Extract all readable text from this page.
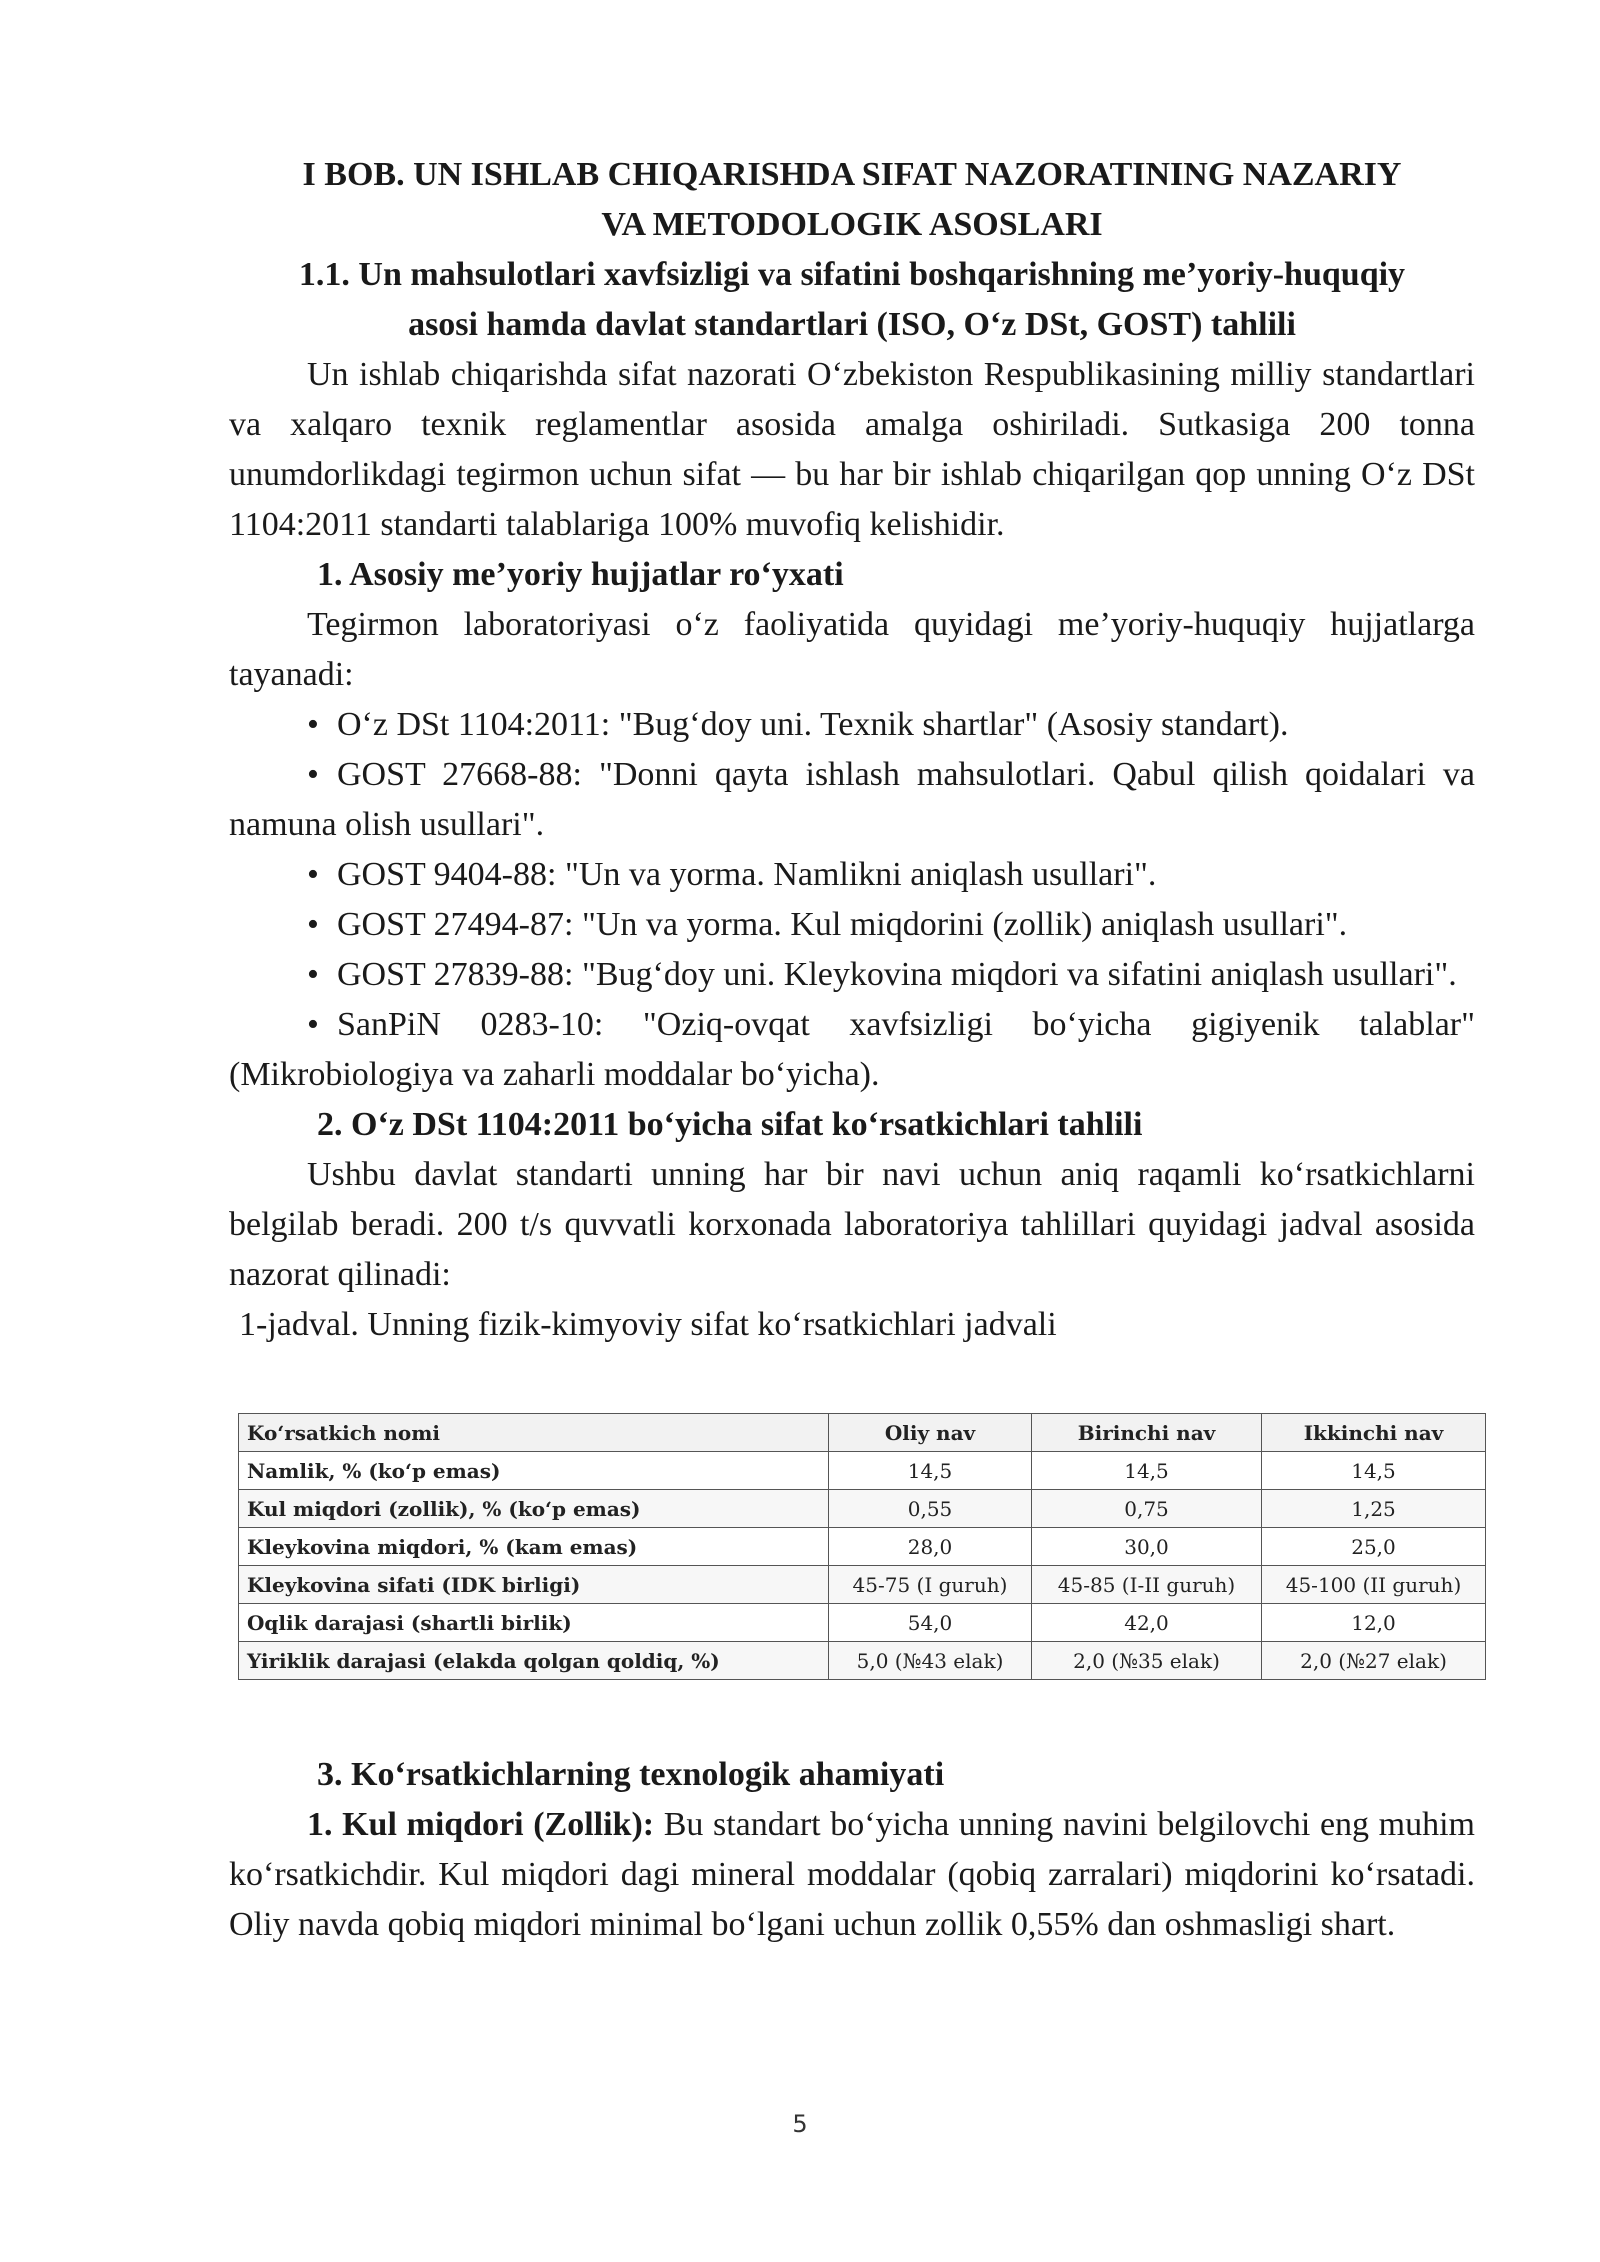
I BOB. UN ISHLAB CHIQARISHDA SIFAT NAZORATINING NAZARIY
VA METODOLOGIK ASOSLARI
1.1. Un mahsulotlari xavfsizligi va sifatini boshqarishning me’yoriy-huquqiy
asosi hamda davlat standartlari (ISO, O‘z DSt, GOST) tahlili

Un ishlab chiqarishda sifat nazorati O‘zbekiston Respublikasining milliy standartlari va xalqaro texnik reglamentlar asosida amalga oshiriladi. Sutkasiga 200 tonna unumdorlikdagi tegirmon uchun sifat — bu har bir ishlab chiqarilgan qop unning O‘z DSt 1104:2011 standarti talablariga 100% muvofiq kelishidir.

1. Asosiy me’yoriy hujjatlar ro‘yxati

Tegirmon laboratoriyasi o‘z faoliyatida quyidagi me’yoriy-huquqiy hujjatlarga tayanadi:

• O‘z DSt 1104:2011: "Bug‘doy uni. Texnik shartlar" (Asosiy standart).

• GOST 27668-88: "Donni qayta ishlash mahsulotlari. Qabul qilish qoidalari va namuna olish usullari".

• GOST 9404-88: "Un va yorma. Namlikni aniqlash usullari".

• GOST 27494-87: "Un va yorma. Kul miqdorini (zollik) aniqlash usullari".

• GOST 27839-88: "Bug‘doy uni. Kleykovina miqdori va sifatini aniqlash usullari".

• SanPiN 0283-10: "Oziq-ovqat xavfsizligi bo‘yicha gigiyenik talablar" (Mikrobiologiya va zaharli moddalar bo‘yicha).

2. O‘z DSt 1104:2011 bo‘yicha sifat ko‘rsatkichlari tahlili

Ushbu davlat standarti unning har bir navi uchun aniq raqamli ko‘rsatkichlarni belgilab beradi. 200 t/s quvvatli korxonada laboratoriya tahlillari quyidagi jadval asosida nazorat qilinadi:

1-jadval. Unning fizik-kimyoviy sifat ko‘rsatkichlari jadvali

Ko‘rsatkich nomi	Oliy nav	Birinchi nav	Ikkinchi nav
Namlik, % (ko‘p emas)	14,5	14,5	14,5
Kul miqdori (zollik), % (ko‘p emas)	0,55	0,75	1,25
Kleykovina miqdori, % (kam emas)	28,0	30,0	25,0
Kleykovina sifati (IDK birligi)	45-75 (I guruh)	45-85 (I-II guruh)	45-100 (II guruh)
Oqlik darajasi (shartli birlik)	54,0	42,0	12,0
Yiriklik darajasi (elakda qolgan qoldiq, %)	5,0 (№43 elak)	2,0 (№35 elak)	2,0 (№27 elak)

3. Ko‘rsatkichlarning texnologik ahamiyati

1. Kul miqdori (Zollik): Bu standart bo‘yicha unning navini belgilovchi eng muhim ko‘rsatkichdir. Kul miqdori dagi mineral moddalar (qobiq zarralari) miqdorini ko‘rsatadi. Oliy navda qobiq miqdori minimal bo‘lgani uchun zollik 0,55% dan oshmasligi shart.

5
